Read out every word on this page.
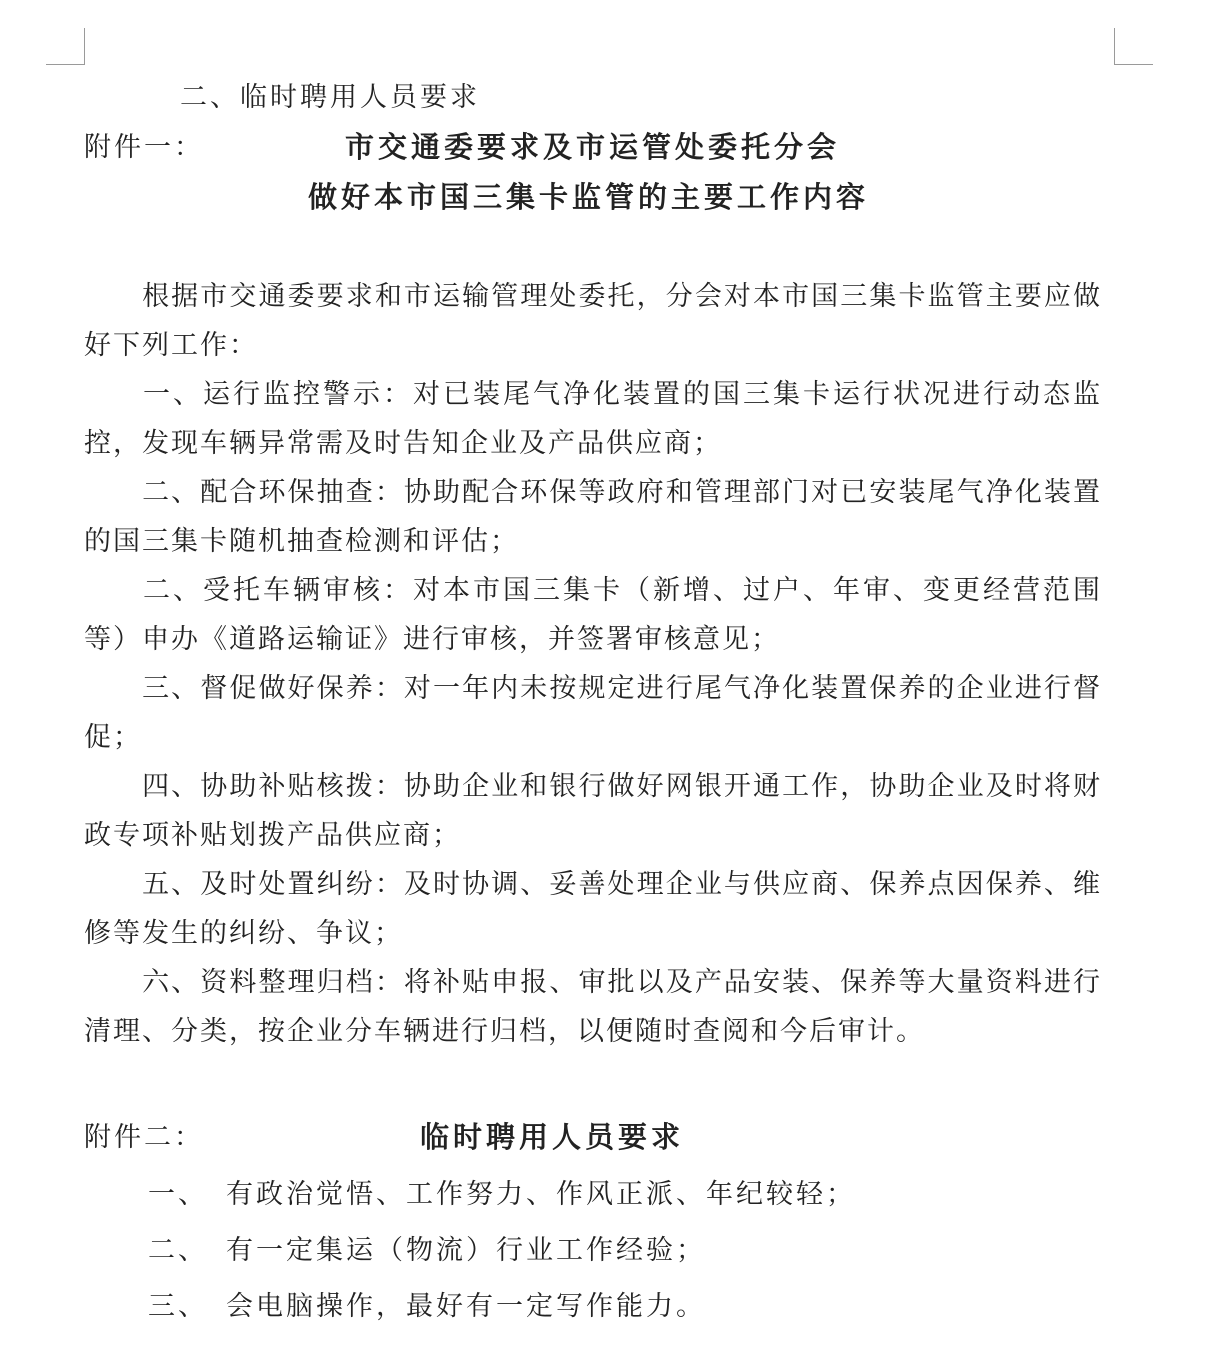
二、临时聘用人员要求
附件一：	市交通委要求及市运管处委托分会
做好本市国三集卡监管的主要工作内容
根据市交通委要求和市运输管理处委托，分会对本市国三集卡监管主要应做好下列工作：

一、运行监控警示：对已装尾气净化装置的国三集卡运行状况进行动态监控，发现车辆异常需及时告知企业及产品供应商；

二、配合环保抽查：协助配合环保等政府和管理部门对已安装尾气净化装置的国三集卡随机抽查检测和评估；

二、受托车辆审核：对本市国三集卡（新增、过户、年审、变更经营范围等）申办《道路运输证》进行审核，并签署审核意见；

三、督促做好保养：对一年内未按规定进行尾气净化装置保养的企业进行督促；

四、协助补贴核拨：协助企业和银行做好网银开通工作，协助企业及时将财政专项补贴划拨产品供应商；

五、及时处置纠纷：及时协调、妥善处理企业与供应商、保养点因保养、维修等发生的纠纷、争议；

六、资料整理归档：将补贴申报、审批以及产品安装、保养等大量资料进行清理、分类，按企业分车辆进行归档，以便随时查阅和今后审计。

附件二：	临时聘用人员要求
一、 有政治觉悟、工作努力、作风正派、年纪较轻；
二、 有一定集运（物流）行业工作经验；
三、 会电脑操作，最好有一定写作能力。
